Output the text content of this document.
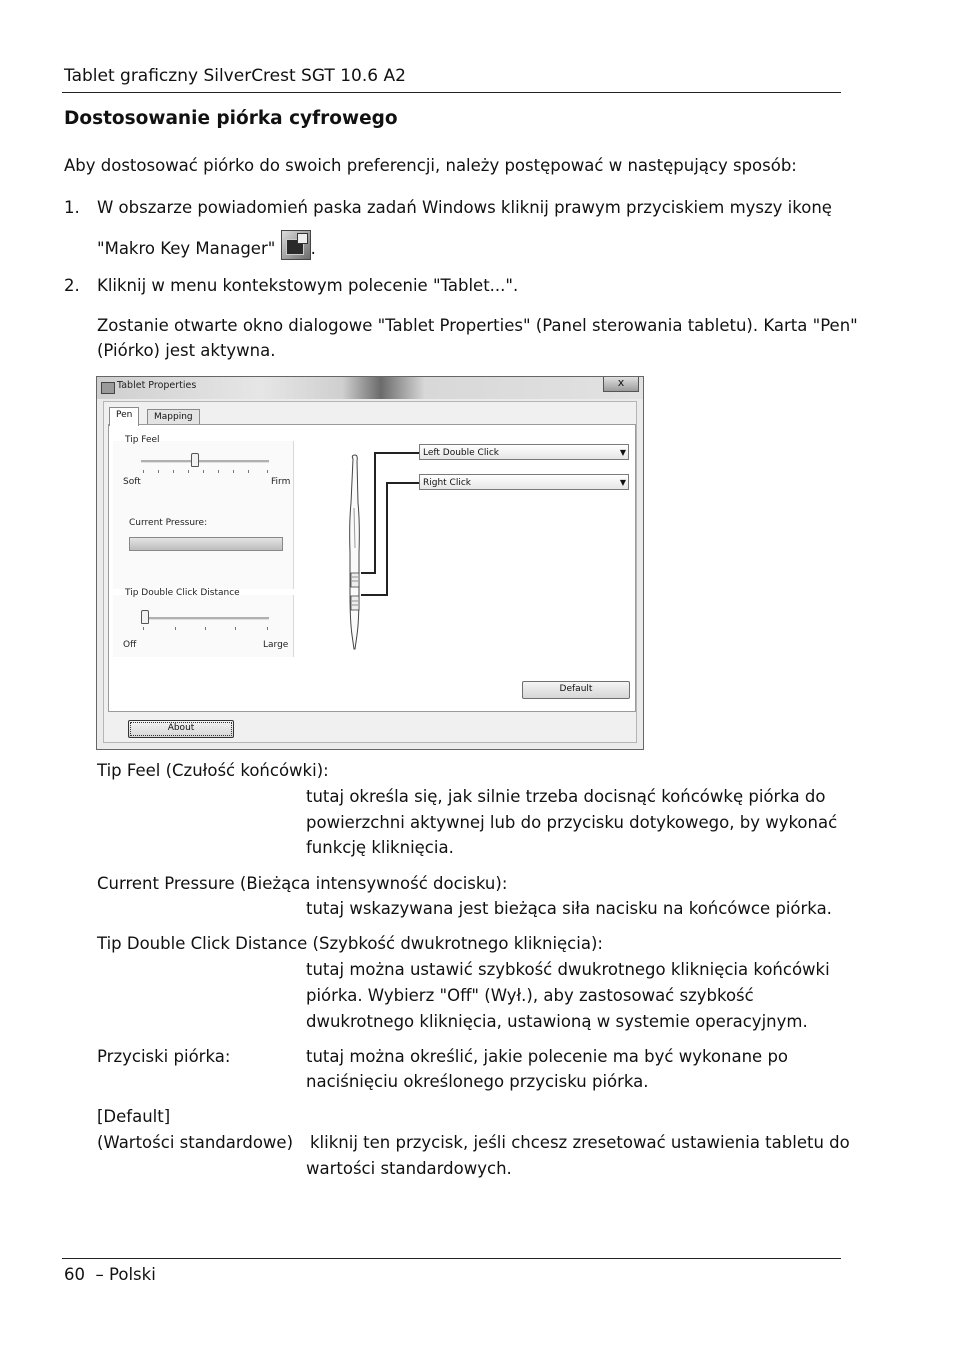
Tablet graficzny SilverCrest SGT 10.6 A2
Dostosowanie piórka cyfrowego
Aby dostosować piórko do swoich preferencji, należy postępować w następujący sposób:
1. W obszarze powiadomień paska zadań Windows kliknij prawym przyciskiem myszy ikonę
"Makro Key Manager" .
2. Kliknij w menu kontekstowym polecenie "Tablet...".
Zostanie otwarte okno dialogowe "Tablet Properties" (Panel sterowania tabletu). Karta "Pen"
(Piórko) jest aktywna.
Tablet Properties	x
Pen	Mapping
Tip Feel
Soft	Firm
Current Pressure:
Tip Double Click Distance
Off	Large
Left Double Click	▼
Right Click	▼
Default
About
Tip Feel (Czułość końcówki):
tutaj określa się, jak silnie trzeba docisnąć końcówkę piórka do
powierzchni aktywnej lub do przycisku dotykowego, by wykonać
funkcję kliknięcia.
Current Pressure (Bieżąca intensywność docisku):
tutaj wskazywana jest bieżąca siła nacisku na końcówce piórka.
Tip Double Click Distance (Szybkość dwukrotnego kliknięcia):
tutaj można ustawić szybkość dwukrotnego kliknięcia końcówki
piórka. Wybierz "Off" (Wył.), aby zastosować szybkość
dwukrotnego kliknięcia, ustawioną w systemie operacyjnym.
Przyciski piórka:	tutaj można określić, jakie polecenie ma być wykonane po
naciśnięciu określonego przycisku piórka.
[Default]
(Wartości standardowe) kliknij ten przycisk, jeśli chcesz zresetować ustawienia tabletu do
wartości standardowych.
60 – Polski
